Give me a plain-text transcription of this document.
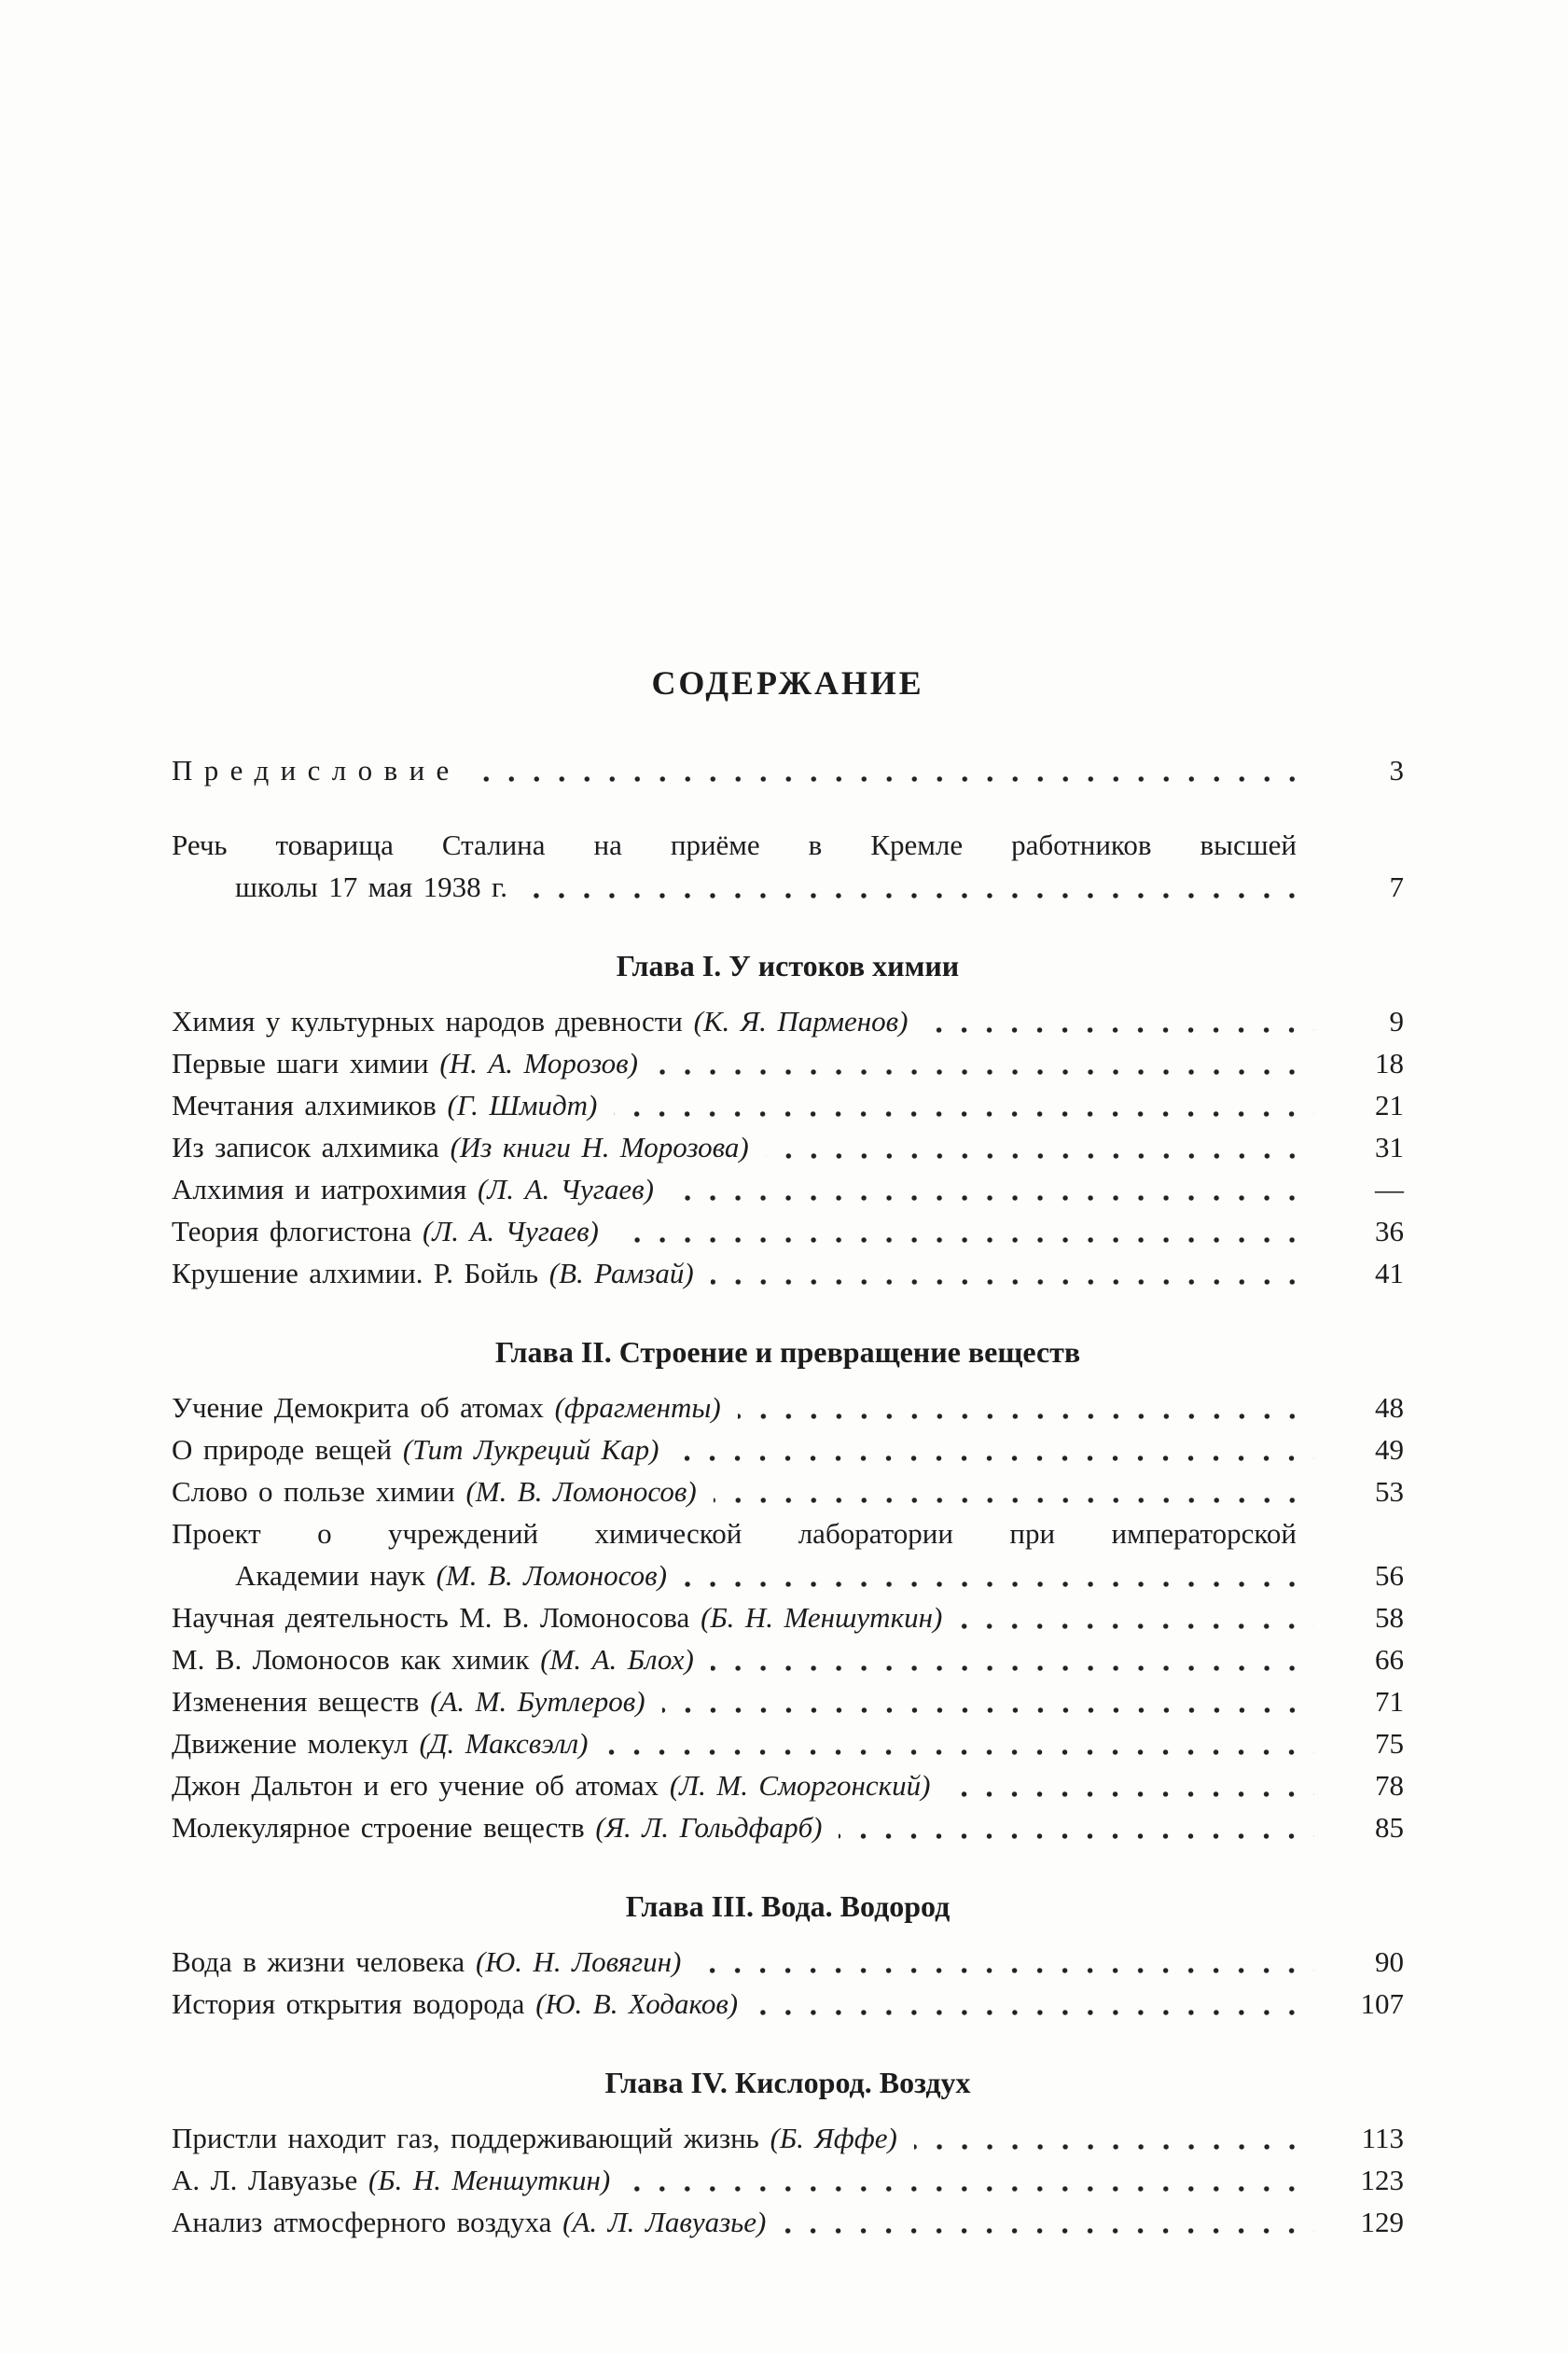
СОДЕРЖАНИЕ
Предисловие	3
Речь товарища Сталина на приёме в Кремле работников высшей
школы 17 мая 1938 г.	7
Глава I. У истоков химии
Химия у культурных народов древности (К. Я. Парменов)	9
Первые шаги химии (Н. А. Морозов)	18
Мечтания алхимиков (Г. Шмидт)	21
Из записок алхимика (Из книги Н. Морозова)	31
Алхимия и иатрохимия (Л. А. Чугаев)	—
Теория флогистона (Л. А. Чугаев)	36
Крушение алхимии. Р. Бойль (В. Рамзай)	41
Глава II. Строение и превращение веществ
Учение Демокрита об атомах (фрагменты)	48
О природе вещей (Тит Лукреций Кар)	49
Слово о пользе химии (М. В. Ломоносов)	53
Проект о учреждений химической лаборатории при императорской
Академии наук (М. В. Ломоносов)	56
Научная деятельность М. В. Ломоносова (Б. Н. Меншуткин)	58
М. В. Ломоносов как химик (М. А. Блох)	66
Изменения веществ (А. М. Бутлеров)	71
Движение молекул (Д. Максвэлл)	75
Джон Дальтон и его учение об атомах (Л. М. Сморгонский)	78
Молекулярное строение веществ (Я. Л. Гольдфарб)	85
Глава III. Вода. Водород
Вода в жизни человека (Ю. Н. Ловягин)	90
История открытия водорода (Ю. В. Ходаков)	107
Глава IV. Кислород. Воздух
Пристли находит газ, поддерживающий жизнь (Б. Яффе)	113
А. Л. Лавуазье (Б. Н. Меншуткин)	123
Анализ атмосферного воздуха (А. Л. Лавуазье)	129
